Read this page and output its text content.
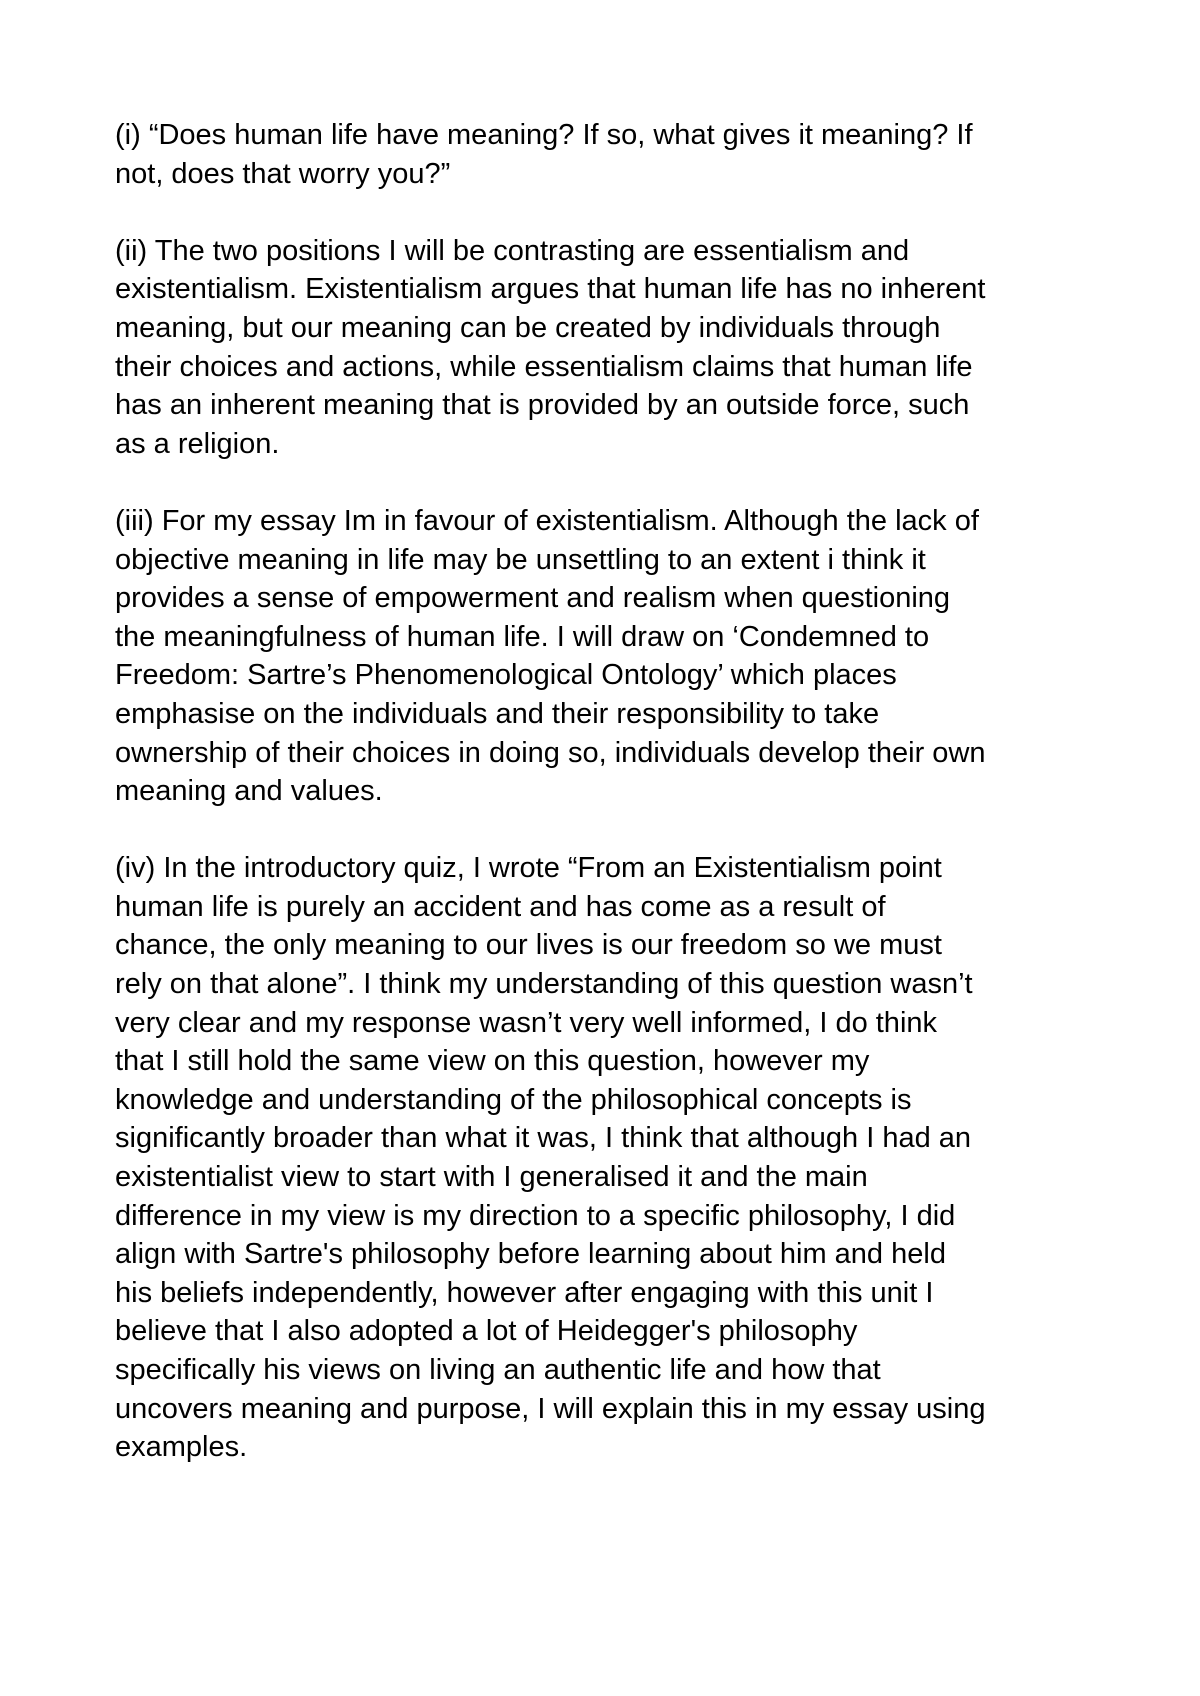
(i) “Does human life have meaning? If so, what gives it meaning? If
not, does that worry you?”

(ii) The two positions I will be contrasting are essentialism and
existentialism. Existentialism argues that human life has no inherent
meaning, but our meaning can be created by individuals through
their choices and actions, while essentialism claims that human life
has an inherent meaning that is provided by an outside force, such
as a religion.

(iii) For my essay Im in favour of existentialism. Although the lack of
objective meaning in life may be unsettling to an extent i think it
provides a sense of empowerment and realism when questioning
the meaningfulness of human life. I will draw on ‘Condemned to
Freedom: Sartre’s Phenomenological Ontology’ which places
emphasise on the individuals and their responsibility to take
ownership of their choices in doing so, individuals develop their own
meaning and values.

(iv) In the introductory quiz, I wrote “From an Existentialism point
human life is purely an accident and has come as a result of
chance, the only meaning to our lives is our freedom so we must
rely on that alone”. I think my understanding of this question wasn’t
very clear and my response wasn’t very well informed, I do think
that I still hold the same view on this question, however my
knowledge and understanding of the philosophical concepts is
significantly broader than what it was, I think that although I had an
existentialist view to start with I generalised it and the main
difference in my view is my direction to a specific philosophy, I did
align with Sartre's philosophy before learning about him and held
his beliefs independently, however after engaging with this unit I
believe that I also adopted a lot of Heidegger's philosophy
specifically his views on living an authentic life and how that
uncovers meaning and purpose, I will explain this in my essay using
examples.
